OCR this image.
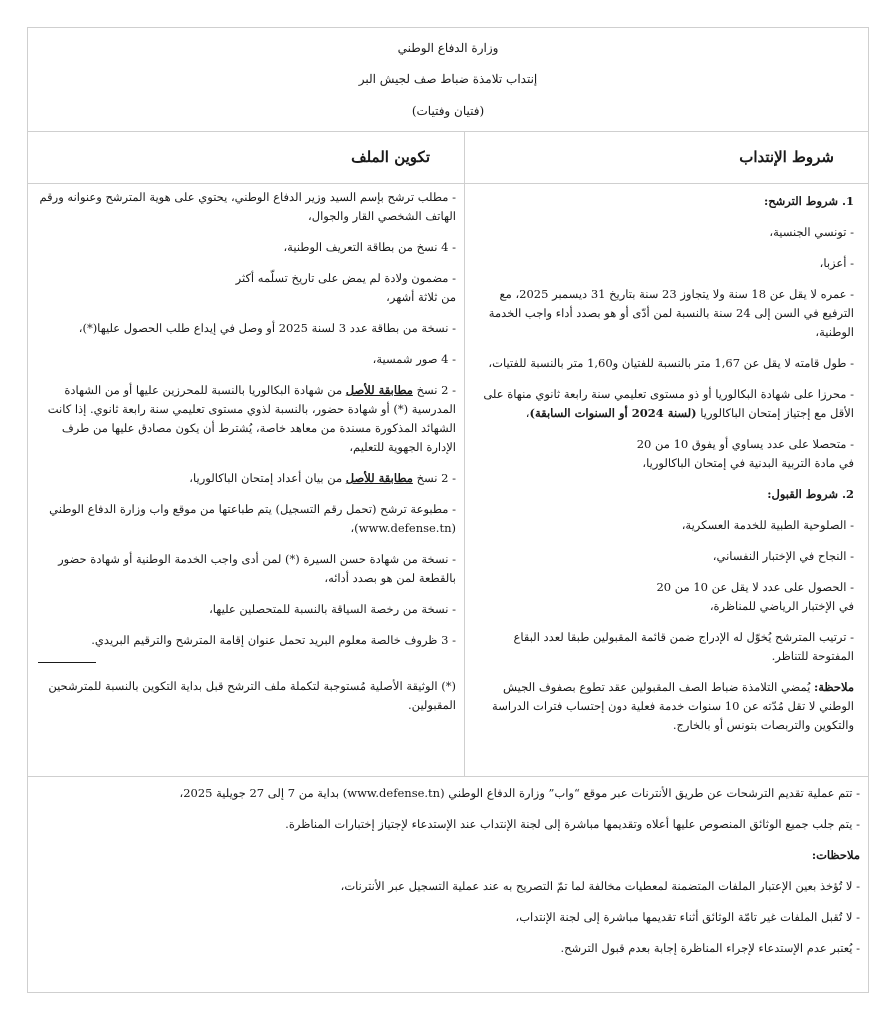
وزارة الدفاع الوطني
إنتداب تلامذة ضباط صف لجيش البر
(فتيان وفتيات)
شروط الإنتداب
تكوين الملف

1. شروط الترشح:

- تونسي الجنسية،

- أعزبا،

- عمره لا يقل عن 18 سنة ولا يتجاوز 23 سنة بتاريخ 31 ديسمبر 2025، مع الترفيع في السن إلى 24 سنة بالنسبة لمن أدّى أو هو بصدد أداء واجب الخدمة الوطنية،

- طول قامته لا يقل عن 1,67 متر بالنسبة للفتيان و1,60 متر بالنسبة للفتيات،

- محرزا على شهادة البكالوريا أو ذو مستوى تعليمي سنة رابعة ثانوي منهاة على الأقل مع إجتياز إمتحان الباكالوريا (لسنة 2024 أو السنوات السابقة)،

- متحصلا على عدد يساوي أو يفوق 10 من 20
في مادة التربية البدنية في إمتحان الباكالوريا،

2. شروط القبول:

- الصلوحية الطبية للخدمة العسكرية،

- النجاح في الإختبار النفساني،

- الحصول على عدد لا يقل عن 10 من 20
في الإختبار الرياضي للمناظرة،

- ترتيب المترشح يُخوّل له الإدراج ضمن قائمة المقبولين طبقا لعدد البقاع المفتوحة للتناظر.

ملاحظة: يُمضي التلامذة ضباط الصف المقبولين عقد تطوع بصفوف الجيش الوطني لا تقل مُدّته عن 10 سنوات خدمة فعلية دون إحتساب فترات الدراسة والتكوين والتربصات بتونس أو بالخارج.

- مطلب ترشح بإسم السيد وزير الدفاع الوطني، يحتوي على هوية المترشح وعنوانه ورقم الهاتف الشخصي القار والجوال،

- 4 نسخ من بطاقة التعريف الوطنية،

- مضمون ولادة لم يمض على تاريخ تسلّمه أكثر
من ثلاثة أشهر،

- نسخة من بطاقة عدد 3 لسنة 2025 أو وصل في إيداع طلب الحصول عليها(*)،

- 4 صور شمسية،

- 2 نسخ مطابقة للأصل من شهادة البكالوريا بالنسبة للمحرزين عليها أو من الشهادة المدرسية (*) أو شهادة حضور، بالنسبة لذوي مستوى تعليمي سنة رابعة ثانوي. إذا كانت الشهائد المذكورة مسندة من معاهد خاصة، يُشترط أن يكون مصادق عليها من طرف الإدارة الجهوية للتعليم،

- 2 نسخ مطابقة للأصل من بيان أعداد إمتحان الباكالوريا،

- مطبوعة ترشح (تحمل رقم التسجيل) يتم طباعتها من موقع واب وزارة الدفاع الوطني
(www.defense.tn)،

- نسخة من شهادة حسن السيرة (*) لمن أدى واجب الخدمة الوطنية أو شهادة حضور بالقطعة لمن هو بصدد أدائه،

- نسخة من رخصة السياقة بالنسبة للمتحصلين عليها،

- 3 ظروف خالصة معلوم البريد تحمل عنوان إقامة المترشح والترقيم البريدي.

(*) الوثيقة الأصلية مُستوجبة لتكملة ملف الترشح قبل بداية التكوين بالنسبة للمترشحين المقبولين.

- تتم عملية تقديم الترشحات عن طريق الأنترنات عبر موقع “واب” وزارة الدفاع الوطني (www.defense.tn) بداية من 7 إلى 27 جويلية 2025،

- يتم جلب جميع الوثائق المنصوص عليها أعلاه وتقديمها مباشرة إلى لجنة الإنتداب عند الإستدعاء لإجتياز إختبارات المناظرة.

ملاحظات:

- لا تُؤخذ بعين الإعتبار الملفات المتضمنة لمعطيات مخالفة لما تمّ التصريح به عند عملية التسجيل عبر الأنترنات،

- لا تُقبل الملفات غير تامّة الوثائق أثناء تقديمها مباشرة إلى لجنة الإنتداب،

- يُعتبر عدم الإستدعاء لإجراء المناظرة إجابة بعدم قبول الترشح.
